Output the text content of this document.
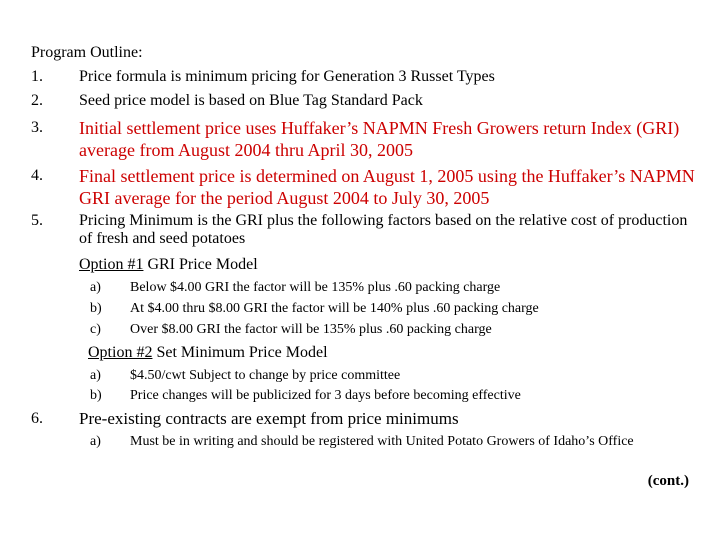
Program Outline:
1.	Price formula is minimum pricing for Generation 3 Russet Types
2.	Seed price model is based on Blue Tag Standard Pack
3.	Initial settlement price uses Huffaker’s NAPMN Fresh Growers return Index (GRI) average from August 2004 thru April 30, 2005
4.	Final settlement price is determined on August 1, 2005 using the Huffaker’s NAPMN GRI average for the period August 2004 to July 30, 2005
5.	Pricing Minimum is the GRI plus the following factors based on the relative cost of production of fresh and seed potatoes
Option #1 GRI Price Model
a)	Below $4.00 GRI the factor will be 135% plus .60 packing charge
b)	At $4.00 thru $8.00 GRI the factor will be 140% plus .60 packing charge
c)	Over $8.00 GRI the factor will be 135% plus .60 packing charge
Option #2 Set Minimum Price Model
a)	$4.50/cwt Subject to change by price committee
b)	Price changes will be publicized for 3 days before becoming effective
6.	Pre-existing contracts are exempt from price minimums
a)	Must be in writing and should be registered with United Potato Growers of Idaho’s Office
(cont.)
